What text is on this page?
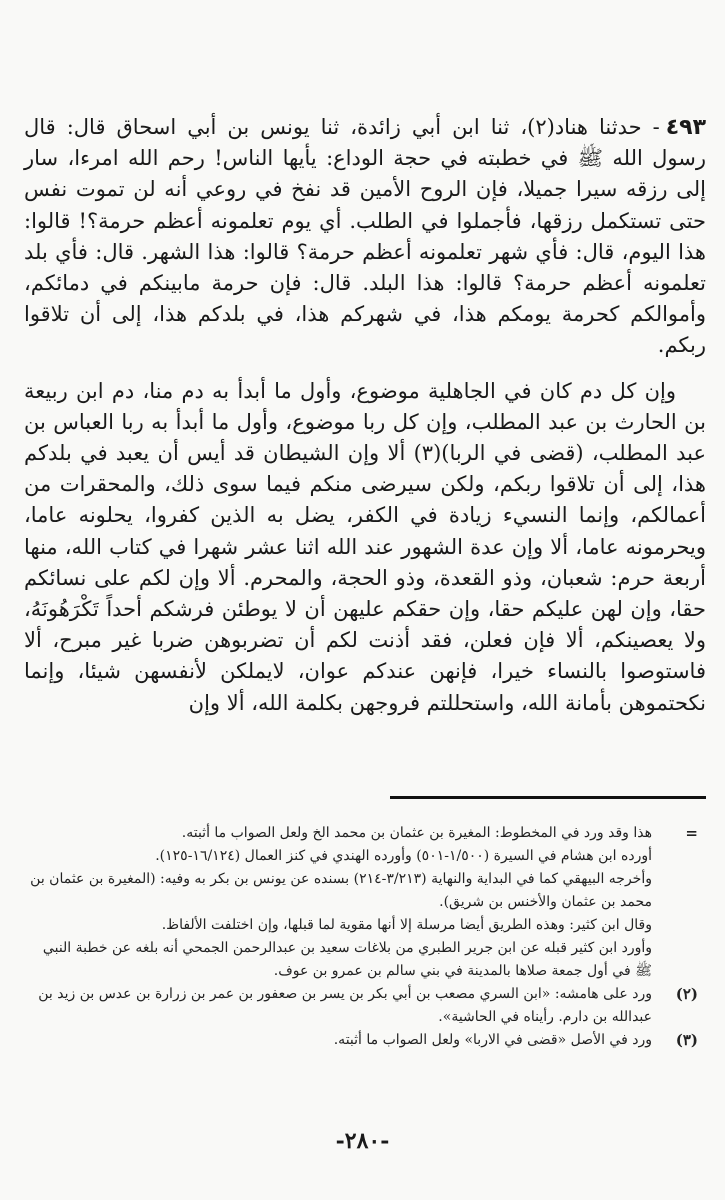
٤٩٣- حدثنا هناد(٢)، ثنا ابن أبي زائدة، ثنا يونس بن أبي اسحاق قال: قال رسول الله ﷺ في خطبته في حجة الوداع: يأيها الناس! رحم الله امرءا، سار إلى رزقه سيرا جميلا، فإن الروح الأمين قد نفخ في روعي أنه لن تموت نفس حتى تستكمل رزقها، فأجملوا في الطلب. أي يوم تعلمونه أعظم حرمة؟! قالوا: هذا اليوم، قال: فأي شهر تعلمونه أعظم حرمة؟ قالوا: هذا الشهر. قال: فأي بلد تعلمونه أعظم حرمة؟ قالوا: هذا البلد. قال: فإن حرمة مابينكم في دمائكم، وأموالكم كحرمة يومكم هذا، في شهركم هذا، في بلدكم هذا، إلى أن تلاقوا ربكم.

وإن كل دم كان في الجاهلية موضوع، وأول ما أبدأ به دم منا، دم ابن ربيعة بن الحارث بن عبد المطلب، وإن كل ربا موضوع، وأول ما أبدأ به ربا العباس بن عبد المطلب، (قضى في الربا)(٣) ألا وإن الشيطان قد أيس أن يعبد في بلدكم هذا، إلى أن تلاقوا ربكم، ولكن سيرضى منكم فيما سوى ذلك، والمحقرات من أعمالكم، وإنما النسيء زيادة في الكفر، يضل به الذين كفروا، يحلونه عاما، ويحرمونه عاما، ألا وإن عدة الشهور عند الله اثنا عشر شهرا في كتاب الله، منها أربعة حرم: شعبان، وذو القعدة، وذو الحجة، والمحرم. ألا وإن لكم على نسائكم حقا، وإن لهن عليكم حقا، وإن حقكم عليهن أن لا يوطئن فرشكم أحداً تَكْرَهُونَهُ، ولا يعصينكم، ألا فإن فعلن، فقد أذنت لكم أن تضربوهن ضربا غير مبرح، ألا فاستوصوا بالنساء خيرا، فإنهن عندكم عوان، لايملكن لأنفسهن شيئا، وإنما نكحتموهن بأمانة الله، واستحللتم فروجهن بكلمة الله، ألا وإن

=

هذا وقد ورد في المخطوط: المغيرة بن عثمان بن محمد الخ ولعل الصواب ما أثبته.

أورده ابن هشام في السيرة (١/٥٠٠-٥٠١) وأورده الهندي في كنز العمال (١٦/١٢٤-١٢٥).

وأخرجه البيهقي كما في البداية والنهاية (٣/٢١٣-٢١٤) بسنده عن يونس بن بكر به وفيه: (المغيرة بن عثمان بن محمد بن عثمان والأخنس بن شريق).

وقال ابن كثير: وهذه الطريق أيضا مرسلة إلا أنها مقوية لما قبلها، وإن اختلفت الألفاظ.

وأورد ابن كثير قبله عن ابن جرير الطبري من بلاغات سعيد بن عبدالرحمن الجمحي أنه بلغه عن خطبة النبي ﷺ في أول جمعة صلاها بالمدينة في بني سالم بن عمرو بن عوف.

(٢)

ورد على هامشه: «ابن السري مصعب بن أبي بكر بن يسر بن صعفور بن عمر بن زرارة بن عدس بن زيد بن عبدالله بن دارم. رأيناه في الحاشية».

(٣)

ورد في الأصل «قضى في الاربا» ولعل الصواب ما أثبته.

-٢٨٠-
